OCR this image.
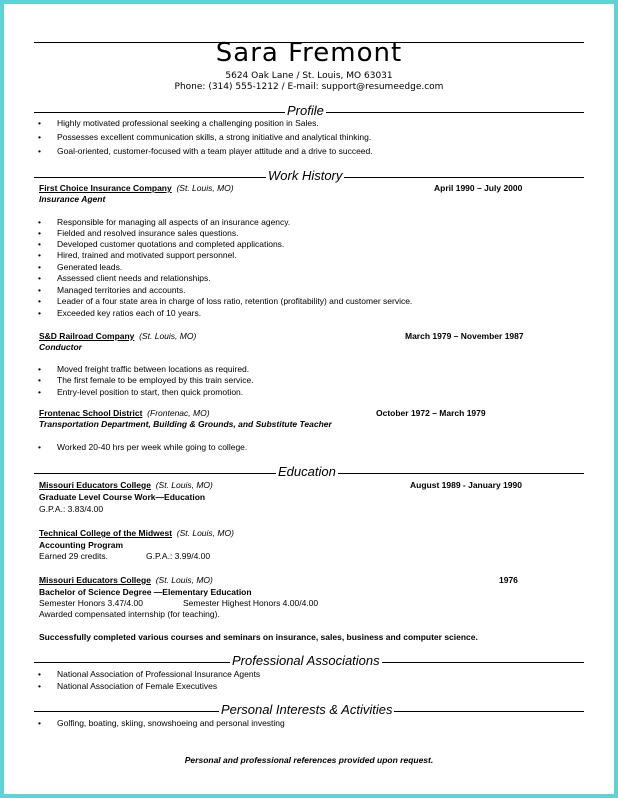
Sara Fremont
5624 Oak Lane / St. Louis, MO 63031
Phone: (314) 555-1212 / E-mail: support@resumeedge.com
Profile
• Highly motivated professional seeking a challenging position in Sales.
• Possesses excellent communication skills, a strong initiative and analytical thinking.
• Goal-oriented, customer-focused with a team player attitude and a drive to succeed.
Work History
First Choice Insurance Company (St. Louis, MO)	April 1990 – July 2000
Insurance Agent
• Responsible for managing all aspects of an insurance agency.
• Fielded and resolved insurance sales questions.
• Developed customer quotations and completed applications.
• Hired, trained and motivated support personnel.
• Generated leads.
• Assessed client needs and relationships.
• Managed territories and accounts.
• Leader of a four state area in charge of loss ratio, retention (profitability) and customer service.
• Exceeded key ratios each of 10 years.
S&D Railroad Company (St. Louis, MO)	March 1979 – November 1987
Conductor
• Moved freight traffic between locations as required.
• The first female to be employed by this train service.
• Entry-level position to start, then quick promotion.
Frontenac School District (Frontenac, MO)	October 1972 – March 1979
Transportation Department, Building & Grounds, and Substitute Teacher
• Worked 20-40 hrs per week while going to college.
Education
Missouri Educators College (St. Louis, MO)	August 1989 - January 1990
Graduate Level Course Work—Education
G.P.A.: 3.83/4.00
Technical College of the Midwest (St. Louis, MO)
Accounting Program
Earned 29 credits.	G.P.A.: 3.99/4.00
Missouri Educators College (St. Louis, MO)	1976
Bachelor of Science Degree —Elementary Education
Semester Honors 3.47/4.00	Semester Highest Honors 4.00/4.00
Awarded compensated internship (for teaching).
Successfully completed various courses and seminars on insurance, sales, business and computer science.
Professional Associations
• National Association of Professional Insurance Agents
• National Association of Female Executives
Personal Interests & Activities
• Golfing, boating, skiing, snowshoeing and personal investing
Personal and professional references provided upon request.
